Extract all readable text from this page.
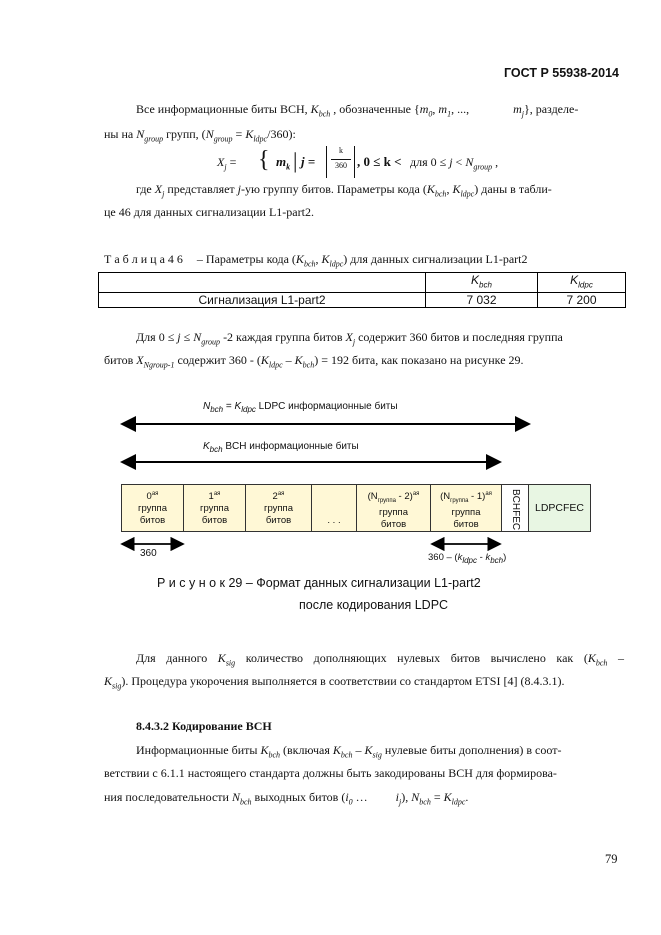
ГОСТ Р 55938-2014
Все информационные биты BCH, $K_{bch}$ , обозначенные {$m_0$, $m_1$, ...,	$m_j$}, разделе-
ны на $N_{group}$ групп, $(N_{group} = K_{ldpc}/360)$:
$X_j$ = { $m_k$ | j =
k
360 , 0 ≤ k < для $0 \le j < N_{group}$ ,
где $X_j$ представляет j-ую группу битов. Параметры кода ($K_{bch}$, $K_{ldpc}$) даны в табли-
це 46 для данных сигнализации L1-part2.
Т а б л и ц а 4 6 – Параметры кода ($K_{bch}$, $K_{ldpc}$) для данных сигнализации L1-part2
	$K_{bch}$	$K_{ldpc}$
Сигнализация L1-part2	7 032	7 200
Для $0 \le j \le N_{group}$ -2 каждая группа битов $X_j$ содержит 360 битов и последняя группа
битов $X_{Ngroup-1}$ содержит $360 - (K_{ldpc} - K_{bch}) = 192$ бита, как показано на рисунке 29.
$N_{bch} = K_{ldpc}$ LDPC информационные биты
$K_{bch}$ BCH информационные биты
$0^{ая}$
группа
битов
$1^{ая}$
группа
битов
$2^{ая}$
группа
битов	. . .
$(N_{группа} - 2)^{ая}$
группа
битов
$(N_{группа} - 1)^{ая}$
группа
битов	BCHFEC	LDPCFEC
360	$360 - (k_{ldpc} - k_{bch})$
Р и с у н о к 29 – Формат данных сигнализации L1-part2
после кодирования LDPC
Для данного $K_{sig}$ количество дополняющих нулевых битов вычислено как ($K_{bch}$ –
$K_{sig}$). Процедура укорочения выполняется в соответствии со стандартом ETSI [4] (8.4.3.1).
8.4.3.2 Кодирование BCH
Информационные биты $K_{bch}$ (включая $K_{bch} - K_{sig}$ нулевые биты дополнения) в соот-
ветствии с 6.1.1 настоящего стандарта должны быть закодированы BCH для формирова-
ния последовательности $N_{bch}$ выходных битов ($i_0$ … $i_j$), $N_{bch} = K_{ldpc}$.
79
